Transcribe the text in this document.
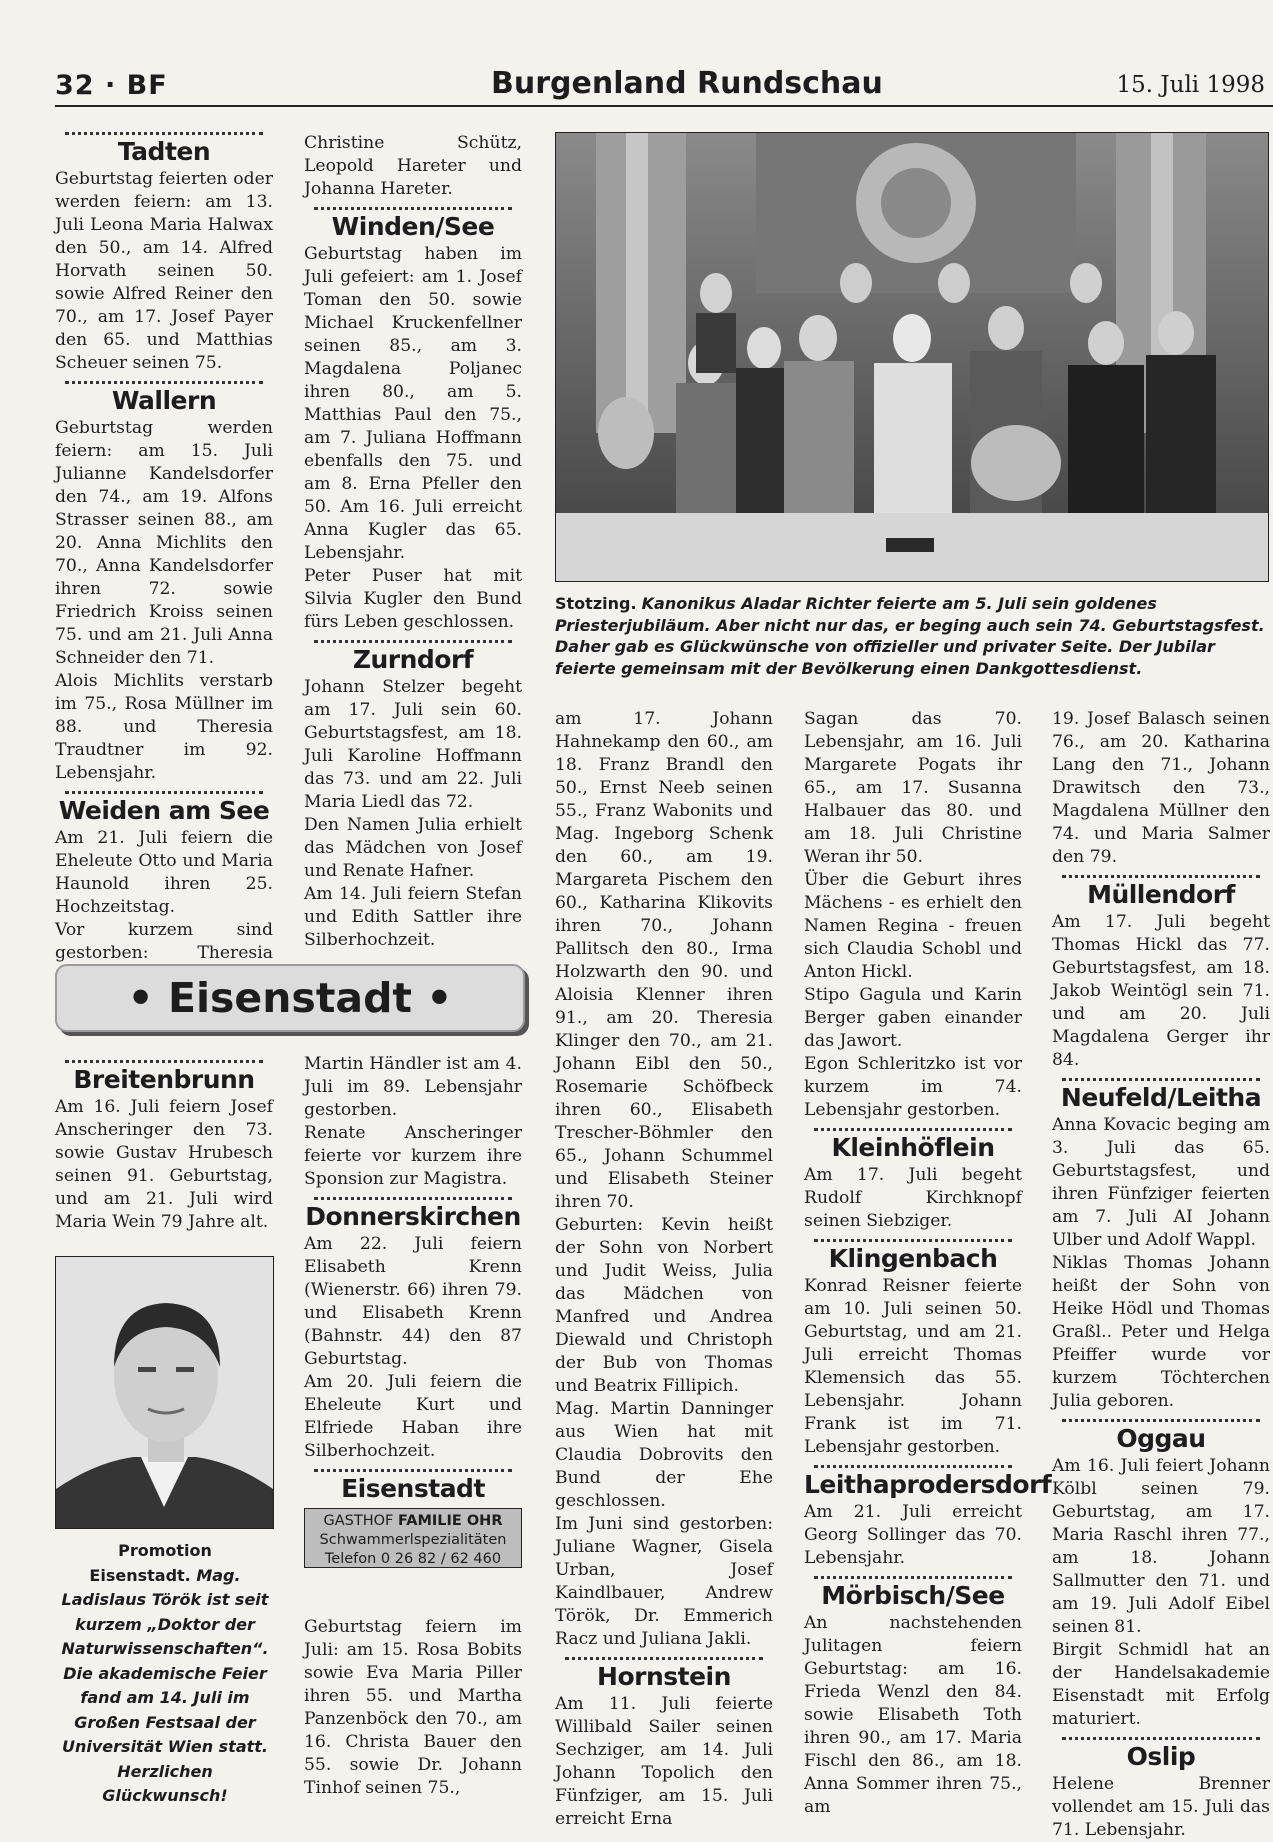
32 · BF	Burgenland Rundschau	15. Juli 1998
Tadten

Geburtstag feierten oder werden feiern: am 13. Juli Leona Maria Halwax den 50., am 14. Alfred Horvath seinen 50. sowie Alfred Reiner den 70., am 17. Josef Payer den 65. und Matthias Scheuer seinen 75.

Wallern

Geburtstag werden feiern: am 15. Juli Julianne Kandelsdorfer den 74., am 19. Alfons Strasser seinen 88., am 20. Anna Michlits den 70., Anna Kandelsdorfer ihren 72. sowie Friedrich Kroiss seinen 75. und am 21. Juli Anna Schneider den 71.

Alois Michlits verstarb im 75., Rosa Müllner im 88. und Theresia Traudtner im 92. Lebensjahr.

Weiden am See

Am 21. Juli feiern die Eheleute Otto und Maria Haunold ihren 25. Hochzeitstag.

Vor kurzem sind gestorben: Theresia

Christine Schütz, Leopold Hareter und Johanna Hareter.

Winden/See

Geburtstag haben im Juli gefeiert: am 1. Josef Toman den 50. sowie Michael Kruckenfellner seinen 85., am 3. Magdalena Poljanec ihren 80., am 5. Matthias Paul den 75., am 7. Juliana Hoffmann ebenfalls den 75. und am 8. Erna Pfeller den 50. Am 16. Juli erreicht Anna Kugler das 65. Lebensjahr.

Peter Puser hat mit Silvia Kugler den Bund fürs Leben geschlossen.

Zurndorf

Johann Stelzer begeht am 17. Juli sein 60. Geburtstagsfest, am 18. Juli Karoline Hoffmann das 73. und am 22. Juli Maria Liedl das 72.

Den Namen Julia erhielt das Mädchen von Josef und Renate Hafner.

Am 14. Juli feiern Stefan und Edith Sattler ihre Silberhochzeit.

Stotzing. Kanonikus Aladar Richter feierte am 5. Juli sein goldenes Priesterjubiläum. Aber nicht nur das, er beging auch sein 74. Geburtstagsfest. Daher gab es Glückwünsche von offizieller und privater Seite. Der Jubilar feierte gemeinsam mit der Bevölkerung einen Dankgottesdienst.
• Eisenstadt •
Breitenbrunn

Am 16. Juli feiern Josef Anscheringer den 73. sowie Gustav Hrubesch seinen 91. Geburtstag, und am 21. Juli wird Maria Wein 79 Jahre alt.

Promotion
Eisenstadt. Mag. Ladislaus Török ist seit kurzem „Doktor der Naturwissenschaften“. Die akademische Feier fand am 14. Juli im Großen Festsaal der Universität Wien statt. Herzlichen Glückwunsch!

Martin Händler ist am 4. Juli im 89. Lebensjahr gestorben.

Renate Anscheringer feierte vor kurzem ihre Sponsion zur Magistra.

Donnerskirchen

Am 22. Juli feiern Elisabeth Krenn (Wienerstr. 66) ihren 79. und Elisabeth Krenn (Bahnstr. 44) den 87 Geburtstag.

Am 20. Juli feiern die Eheleute Kurt und Elfriede Haban ihre Silberhochzeit.

Eisenstadt
GASTHOF FAMILIE OHR
Schwammerlspezialitäten
Telefon 0 26 82 / 62 460

Geburtstag feiern im Juli: am 15. Rosa Bobits sowie Eva Maria Piller ihren 55. und Martha Panzenböck den 70., am 16. Christa Bauer den 55. sowie Dr. Johann Tinhof seinen 75.,

am 17. Johann Hahnekamp den 60., am 18. Franz Brandl den 50., Ernst Neeb seinen 55., Franz Wabonits und Mag. Ingeborg Schenk den 60., am 19. Margareta Pischem den 60., Katharina Klikovits ihren 70., Johann Pallitsch den 80., Irma Holzwarth den 90. und Aloisia Klenner ihren 91., am 20. Theresia Klinger den 70., am 21. Johann Eibl den 50., Rosemarie Schöfbeck ihren 60., Elisabeth Trescher-Böhmler den 65., Johann Schummel und Elisabeth Steiner ihren 70.

Geburten: Kevin heißt der Sohn von Norbert und Judit Weiss, Julia das Mädchen von Manfred und Andrea Diewald und Christoph der Bub von Thomas und Beatrix Fillipich.

Mag. Martin Danninger aus Wien hat mit Claudia Dobrovits den Bund der Ehe geschlossen.

Im Juni sind gestorben: Juliane Wagner, Gisela Urban, Josef Kaindlbauer, Andrew Török, Dr. Emmerich Racz und Juliana Jakli.

Hornstein

Am 11. Juli feierte Willibald Sailer seinen Sechziger, am 14. Juli Johann Topolich den Fünfziger, am 15. Juli erreicht Erna

Sagan das 70. Lebensjahr, am 16. Juli Margarete Pogats ihr 65., am 17. Susanna Halbauer das 80. und am 18. Juli Christine Weran ihr 50.

Über die Geburt ihres Mächens - es erhielt den Namen Regina - freuen sich Claudia Schobl und Anton Hickl.

Stipo Gagula und Karin Berger gaben einander das Jawort.

Egon Schleritzko ist vor kurzem im 74. Lebensjahr gestorben.

Kleinhöflein

Am 17. Juli begeht Rudolf Kirchknopf seinen Siebziger.

Klingenbach

Konrad Reisner feierte am 10. Juli seinen 50. Geburtstag, und am 21. Juli erreicht Thomas Klemensich das 55. Lebensjahr. Johann Frank ist im 71. Lebensjahr gestorben.

Leithaprodersdorf

Am 21. Juli erreicht Georg Sollinger das 70. Lebensjahr.

Mörbisch/See

An nachstehenden Julitagen feiern Geburtstag: am 16. Frieda Wenzl den 84. sowie Elisabeth Toth ihren 90., am 17. Maria Fischl den 86., am 18. Anna Sommer ihren 75., am

19. Josef Balasch seinen 76., am 20. Katharina Lang den 71., Johann Drawitsch den 73., Magdalena Müllner den 74. und Maria Salmer den 79.

Müllendorf

Am 17. Juli begeht Thomas Hickl das 77. Geburtstagsfest, am 18. Jakob Weintögl sein 71. und am 20. Juli Magdalena Gerger ihr 84.

Neufeld/Leitha

Anna Kovacic beging am 3. Juli das 65. Geburtstagsfest, und ihren Fünfziger feierten am 7. Juli AI Johann Ulber und Adolf Wappl.

Niklas Thomas Johann heißt der Sohn von Heike Hödl und Thomas Graßl.. Peter und Helga Pfeiffer wurde vor kurzem Töchterchen Julia geboren.

Oggau

Am 16. Juli feiert Johann Kölbl seinen 79. Geburtstag, am 17. Maria Raschl ihren 77., am 18. Johann Sallmutter den 71. und am 19. Juli Adolf Eibel seinen 81.

Birgit Schmidl hat an der Handelsakademie Eisenstadt mit Erfolg maturiert.

Oslip

Helene Brenner vollendet am 15. Juli das 71. Lebensjahr.
